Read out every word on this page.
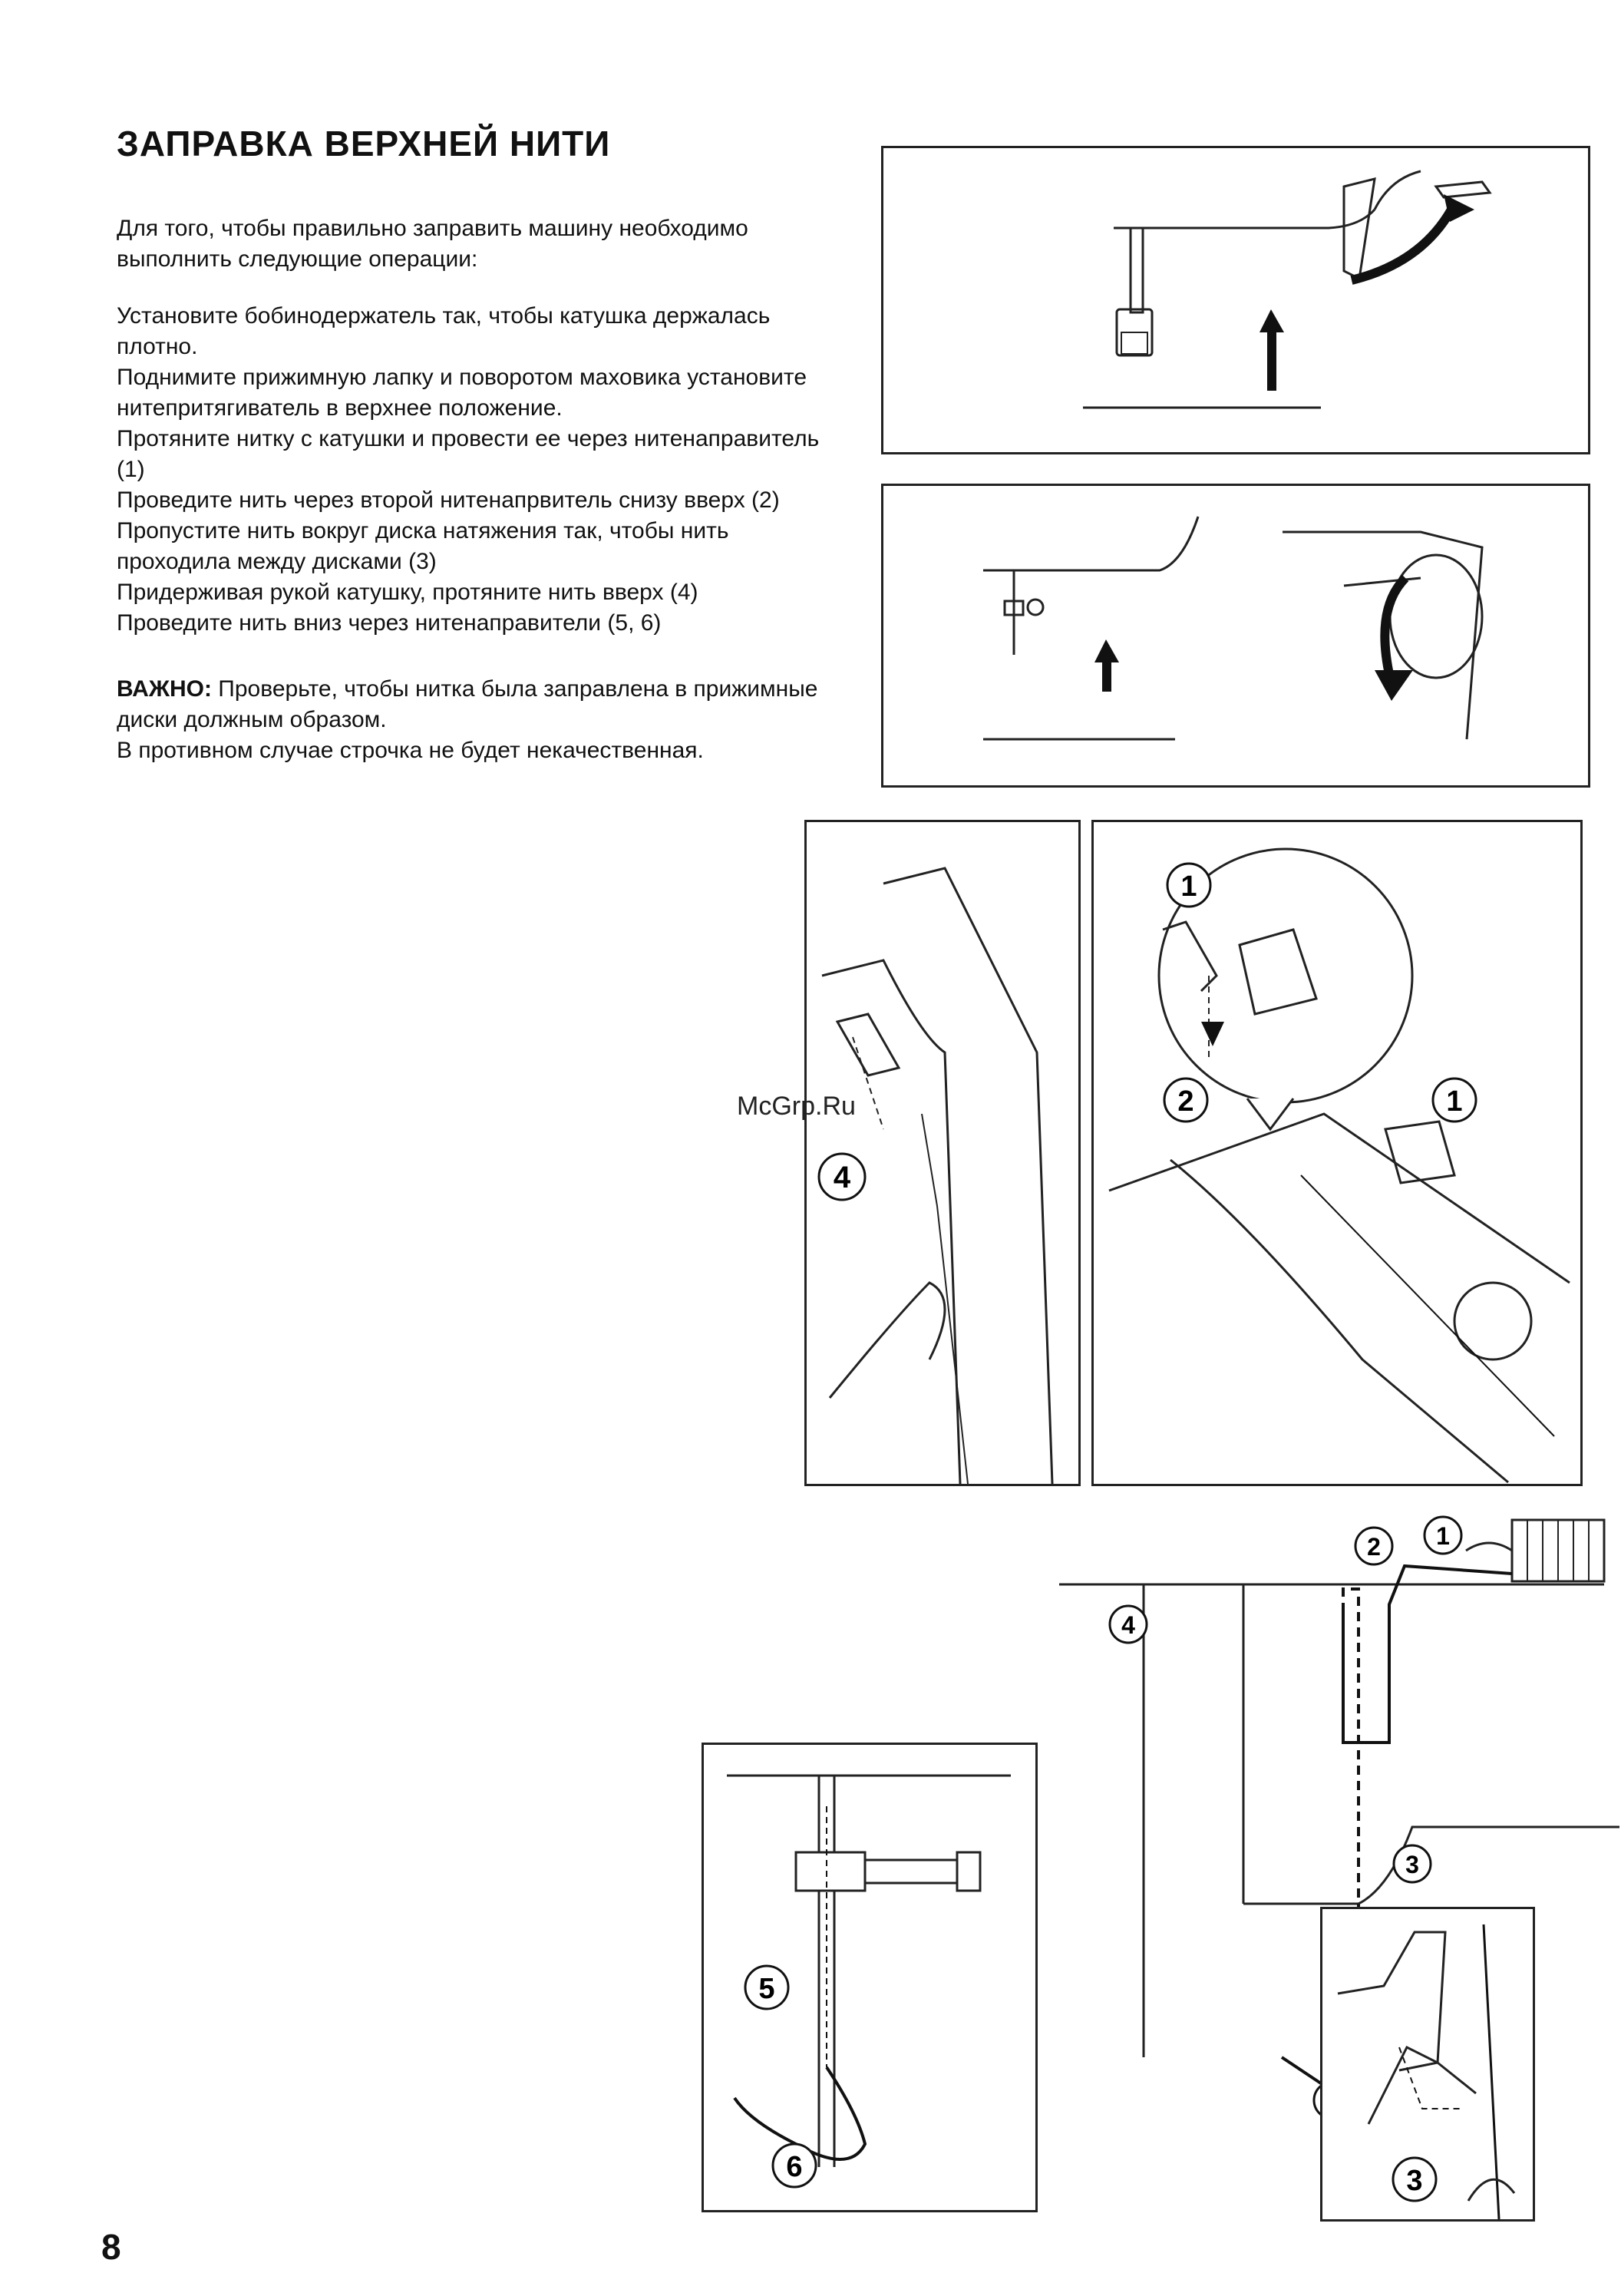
ЗАПРАВКА ВЕРХНЕЙ НИТИ

Для того, чтобы правильно заправить машину необходимо выполнить следующие операции:

Установите бобинодержатель так, чтобы катушка держалась плотно.

Поднимите прижимную лапку и поворотом маховика установите нитепритягиватель в верхнее положение.

Протяните нитку с катушки и провести ее через нитенаправитель (1)

Проведите нить через второй нитенапрвитель снизу вверх (2)

Пропустите нить вокруг диска натяжения так, чтобы нить проходила между дисками (3)

Придерживая рукой катушку, протяните нить вверх (4)

Проведите нить вниз через нитенаправители (5, 6)

ВАЖНО: Проверьте, чтобы нитка была заправлена в прижимные диски должным образом.
В противном случае строчка не будет некачественная.
4
1
1
2
1
2
4
3
5
6	3
McGrp.Ru
8
